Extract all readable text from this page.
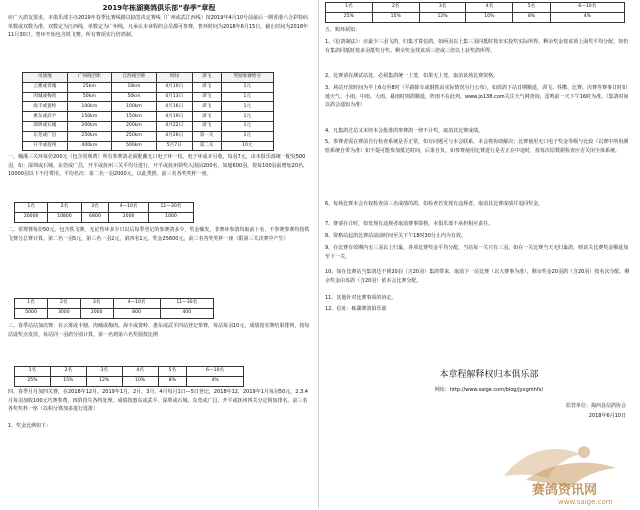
2019年栋湖赛鸽俱乐部“春季”章程
应广大鸽友要求，本俱乐部主办2019年春季比赛线路以抽签决定赛线（广州或武江西线）按2019年4月10号前最后一期香港六合彩特码单数或双数为准，双数定为江西线，单数定为广州线，凡承认本章程的会员都可参赛，售环时间为2018年6月15日，截止时间为2018年11月30日。售环开始包含铁飞赛。所有赛项实行倍鸽制。
司放地	广州线空距	江西线空距	时间	训飞	奖励参赛给分
云雾或青城	25km	10km	4月10日	训飞	1元
肉城或梅肉	50km	50km	4月13日	训飞	1元
海丰或置岭	100km	100km	4月16日	训飞	1元
惠东或武平	150km	150km	4月19日	训飞	1元
深圳或石城	200km	200km	4月22日	训飞	1元
东莞或广昌	250km	250km	4月26日	第一关	1元
开平或抚州	400km	500km	5月7日	第二关	10元
一、楠溪三关环每份200元（包含常规费）所有参赛鸽必须配戴无口电子环一枚，电子环成本另收，每羽7元，由本俱乐部统一配发500羽，如：深圳或石城、东莞或广昌，开平或抚州三关平均分进行，开平或抚州领奖入围前200名，如超600羽，按每100羽前增加20名，10000羽以下不付费用。平均名次：第二名一羽2000元，以此类推。前三名各奖奖杯一座。
1名	2名	3名	4—10名	11—30名
20000	10800	6800	2000	1000
二、常规赛每份50元，包含铁飞赛，无论售环多少只以后每季登记的参赛鸽多少，奖金额发，非赛环参鸽均取前十名，不参赛参赛均按铁飞赛分总赛计算，第二名一羽5元，第三名一羽2元，第四名1元，奖金25600元。前三名各奖奖杯一座（限第三关决赛中产生）
1名	2名	3名	4—10名	11—30名
5000	3000	2000	800	400
三、春季站站加次赛：在云雾或丰塘、肉城或梅肉、海丰或置岭、惠东或武平四站登记参赛，每站每羽10元，成绩按实赛结果排列，按每站设奖点发放，每站同一羽鸽分别计算，第一名到第六名奖励按比例
1名	2名	3名	4名	5名	6—10名
25%	15%	12%	10%	8%	4%
四、春季月月加四关赛，在2018年12月、2019年1月、2月、3月、4月每月1日—5日登记，2018年12，2019年1月每羽50元，2.3.4月每羽加收100元巧赛参费，四阶段失各终处理，成绩按惠东或武平、深圳或石城、东莞或广昌、开平或抚州四关分定相加排名。前三名各奖奖杯一座（以积分赛加多进行选排）
1、奖金比例如下：
1名	2名	3名	4名	5名	6—10名
25%	15%	12%	10%	8%	4%
五、购环须知：
1、《信鸽制法》：应最少三羽飞鸽，归集才算信鸽，如两羽以上集三羽同抵时按未实投奖实际所得。剩余奖金按该项上面奖平均分配，如仍有集鸽同抵时按多羽抵奖分奖。剩余奖金找该项三倍或三倍以上获奖鸽所得。
2、比赛请在测试站处，必须集鸽统一上笼，如果无上笼，取消该场比赛资格。
3、场站开放时间为早上6点至8时（平路除车或钢铁由实际情况另行公布），如放鸽下站日期顺延，训飞、抖擞、比赛、决赛等赛事日时如地天气、小雨、中雨、大雨，暴雨时则鸽顺延，阵雨不在此列。www.jo138.com关注天气网查询，雷鸣前一天下午16时为准。（集鸽时间以鸽会通知为准）
4、凡集鸽过站又未经本会批准的参赛鸽一律不计奖，取消其比赛成绩。
5、参赛者需在赛前自行检查系统是否正常，如有问题可与本会联系，本会将协助解决；比赛使用无口电子奖金等级与比较（以赛中所用测绘系统自带为准）如不提可能参加抵达时间，后果自负。如参赛使用比赛进行是否正在中途时，按每次原数据检查应否关闭全体系统。
6、每场比赛本会有权检查前三名成绩的鸽，如检查若发现有违规者，取消其比赛成绩并追回奖金。
7、赛请在计时，如发现有违规者取消赛事资格，本俱乐部不承担相应责任。
8、资格站起鸽比赛站前前时间至关下午18时30分止内为有效。
9、在比赛有效期内无三羽以上归巢，各项比赛奖金平均分配，当站每一关只有三羽。如在一关比赛当天无归巢鸽，则该关比赛奖金顺延加至下一关。
10、如在比赛站当集鸽达不到20羽（含20羽）集鸽带来，取消下一站比赛（以大赛事为准），剩余奖金20羽鸽（含20羽）按名次分配。剩余奖金由该鸽（含20羽）依本会比赛分配。
11、其他针对比赛事项的协定。
12、信址：栋湖赛鸽俱乐部
本章程解释权归本俱乐部
网址：http://www.saige.com/blog/jyxgmhfx/
监管单位：揭西县信鸽协会
2018年6月10日
赛鸽资讯网
www.saige.com
